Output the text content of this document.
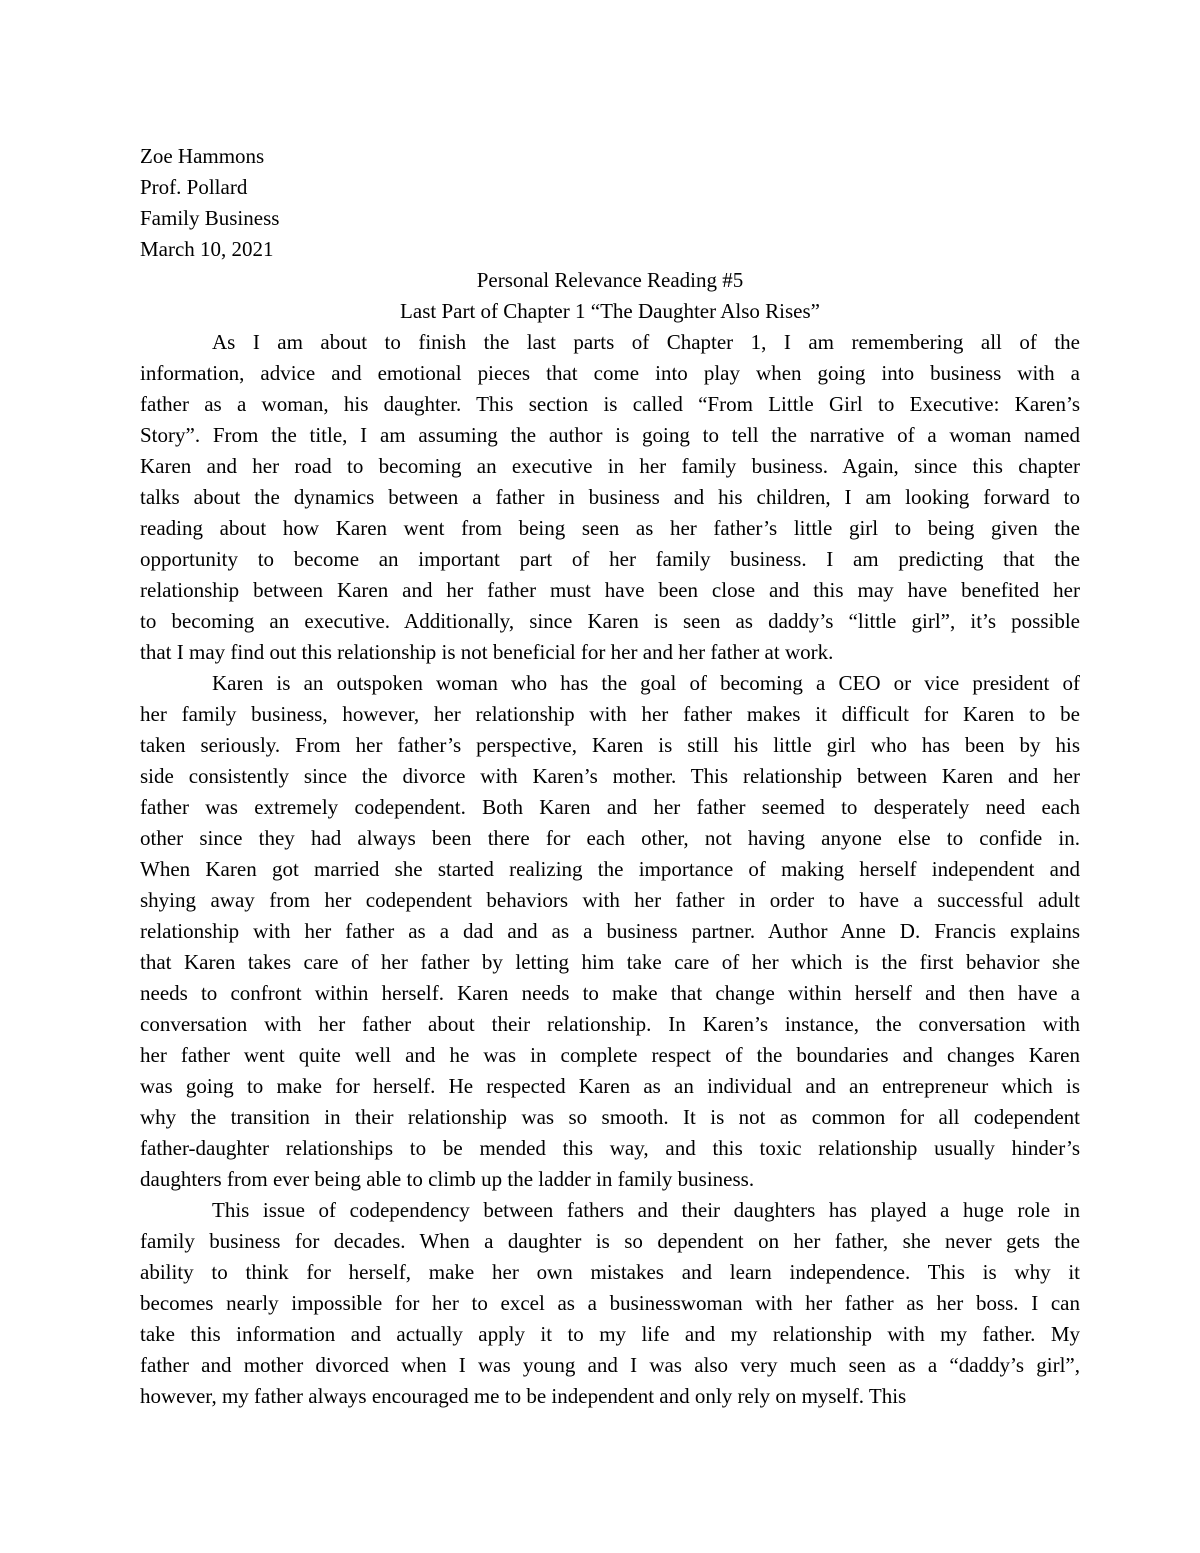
Zoe Hammons
Prof. Pollard
Family Business
March 10, 2021
Personal Relevance Reading #5
Last Part of Chapter 1 “The Daughter Also Rises”
As I am about to finish the last parts of Chapter 1, I am remembering all of the
information, advice and emotional pieces that come into play when going into business with a
father as a woman, his daughter. This section is called “From Little Girl to Executive: Karen’s
Story”. From the title, I am assuming the author is going to tell the narrative of a woman named
Karen and her road to becoming an executive in her family business. Again, since this chapter
talks about the dynamics between a father in business and his children, I am looking forward to
reading about how Karen went from being seen as her father’s little girl to being given the
opportunity to become an important part of her family business. I am predicting that the
relationship between Karen and her father must have been close and this may have benefited her
to becoming an executive. Additionally, since Karen is seen as daddy’s “little girl”, it’s possible
that I may find out this relationship is not beneficial for her and her father at work.
Karen is an outspoken woman who has the goal of becoming a CEO or vice president of
her family business, however, her relationship with her father makes it difficult for Karen to be
taken seriously. From her father’s perspective, Karen is still his little girl who has been by his
side consistently since the divorce with Karen’s mother. This relationship between Karen and her
father was extremely codependent. Both Karen and her father seemed to desperately need each
other since they had always been there for each other, not having anyone else to confide in.
When Karen got married she started realizing the importance of making herself independent and
shying away from her codependent behaviors with her father in order to have a successful adult
relationship with her father as a dad and as a business partner. Author Anne D. Francis explains
that Karen takes care of her father by letting him take care of her which is the first behavior she
needs to confront within herself. Karen needs to make that change within herself and then have a
conversation with her father about their relationship. In Karen’s instance, the conversation with
her father went quite well and he was in complete respect of the boundaries and changes Karen
was going to make for herself. He respected Karen as an individual and an entrepreneur which is
why the transition in their relationship was so smooth. It is not as common for all codependent
father-daughter relationships to be mended this way, and this toxic relationship usually hinder’s
daughters from ever being able to climb up the ladder in family business.
This issue of codependency between fathers and their daughters has played a huge role in
family business for decades. When a daughter is so dependent on her father, she never gets the
ability to think for herself, make her own mistakes and learn independence. This is why it
becomes nearly impossible for her to excel as a businesswoman with her father as her boss. I can
take this information and actually apply it to my life and my relationship with my father. My
father and mother divorced when I was young and I was also very much seen as a “daddy’s girl”,
however, my father always encouraged me to be independent and only rely on myself. This
